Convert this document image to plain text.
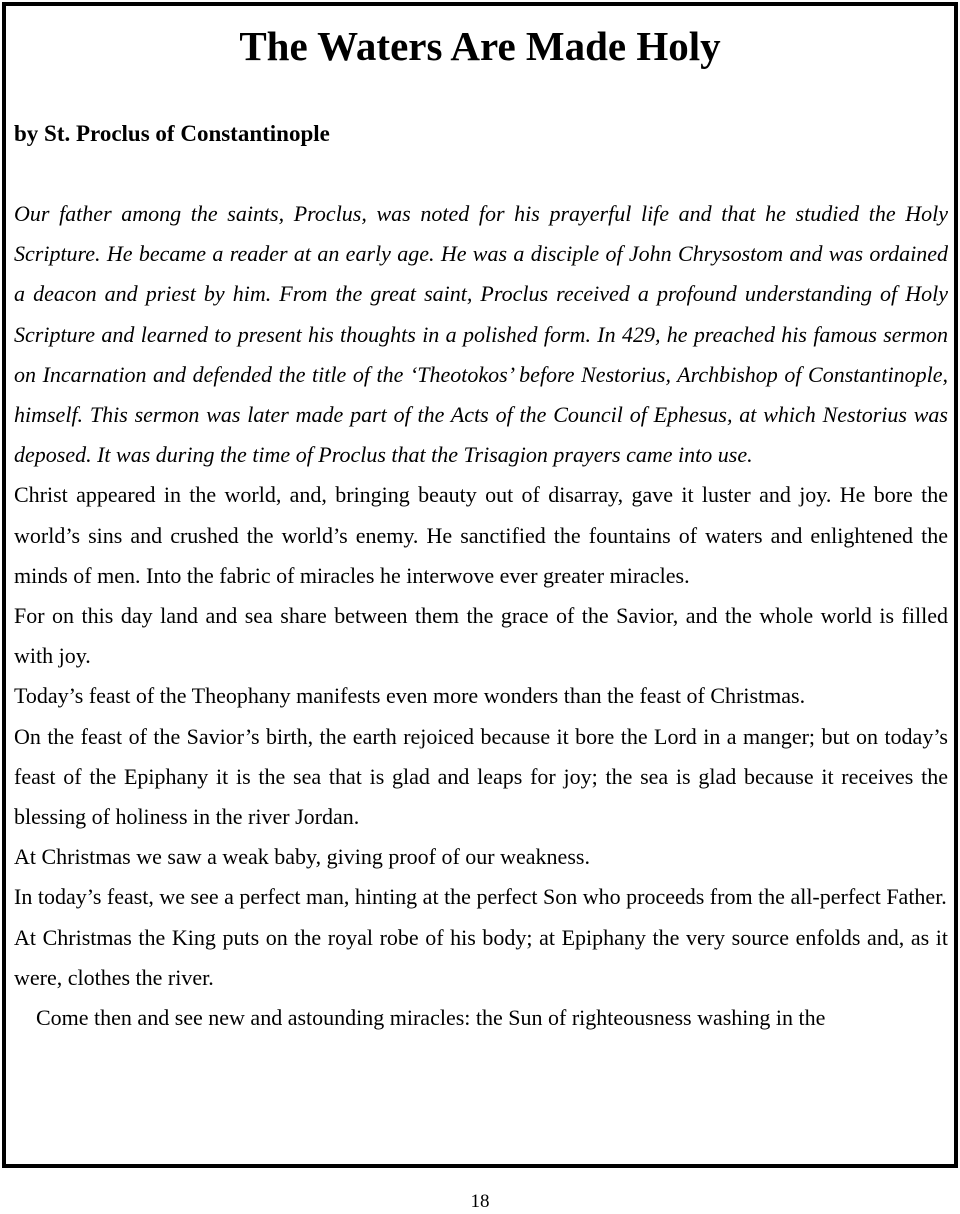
The Waters Are Made Holy

by St. Proclus of Constantinople

Our father among the saints, Proclus, was noted for his prayerful life and that he studied the Holy Scripture. He became a reader at an early age. He was a disciple of John Chrysostom and was ordained a deacon and priest by him. From the great saint, Proclus received a profound understanding of Holy Scripture and learned to present his thoughts in a polished form. In 429, he preached his famous sermon on Incarnation and defended the title of the ‘Theotokos’ before Nestorius, Archbishop of Constantinople, himself. This sermon was later made part of the Acts of the Council of Ephesus, at which Nestorius was deposed. It was during the time of Proclus that the Trisagion prayers came into use.

Christ appeared in the world, and, bringing beauty out of disarray, gave it luster and joy. He bore the world’s sins and crushed the world’s enemy. He sanctified the fountains of waters and enlightened the minds of men. Into the fabric of miracles he interwove ever greater miracles.

For on this day land and sea share between them the grace of the Savior, and the whole world is filled with joy.

Today’s feast of the Theophany manifests even more wonders than the feast of Christmas.

On the feast of the Savior’s birth, the earth rejoiced because it bore the Lord in a manger; but on today’s feast of the Epiphany it is the sea that is glad and leaps for joy; the sea is glad because it receives the blessing of holiness in the river Jordan.

At Christmas we saw a weak baby, giving proof of our weakness.

In today’s feast, we see a perfect man, hinting at the perfect Son who proceeds from the all-perfect Father.

At Christmas the King puts on the royal robe of his body; at Epiphany the very source enfolds and, as it were, clothes the river.

Come then and see new and astounding miracles: the Sun of righteousness washing in the

18
